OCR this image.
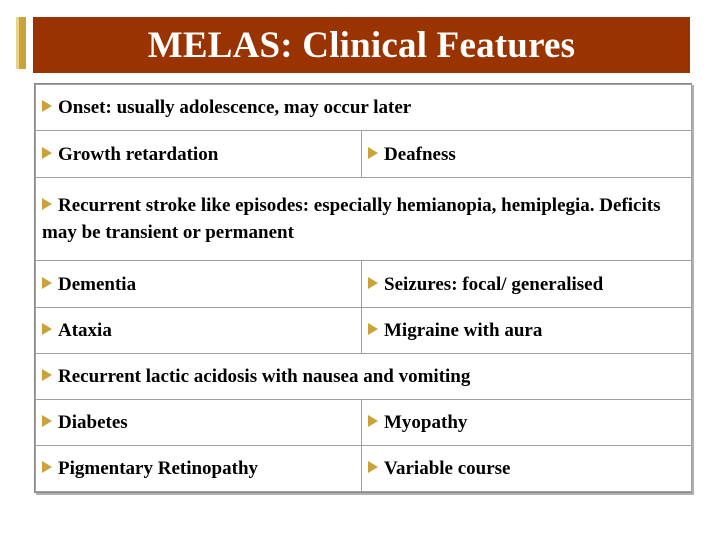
MELAS: Clinical Features
Onset: usually adolescence, may occur later	
Growth retardation	Deafness
Recurrent stroke like episodes: especially hemianopia, hemiplegia. Deficits may be transient or permanent	
Dementia	Seizures: focal/ generalised
Ataxia	Migraine with aura
Recurrent lactic acidosis with nausea and vomiting	
Diabetes	Myopathy
Pigmentary Retinopathy	Variable course
